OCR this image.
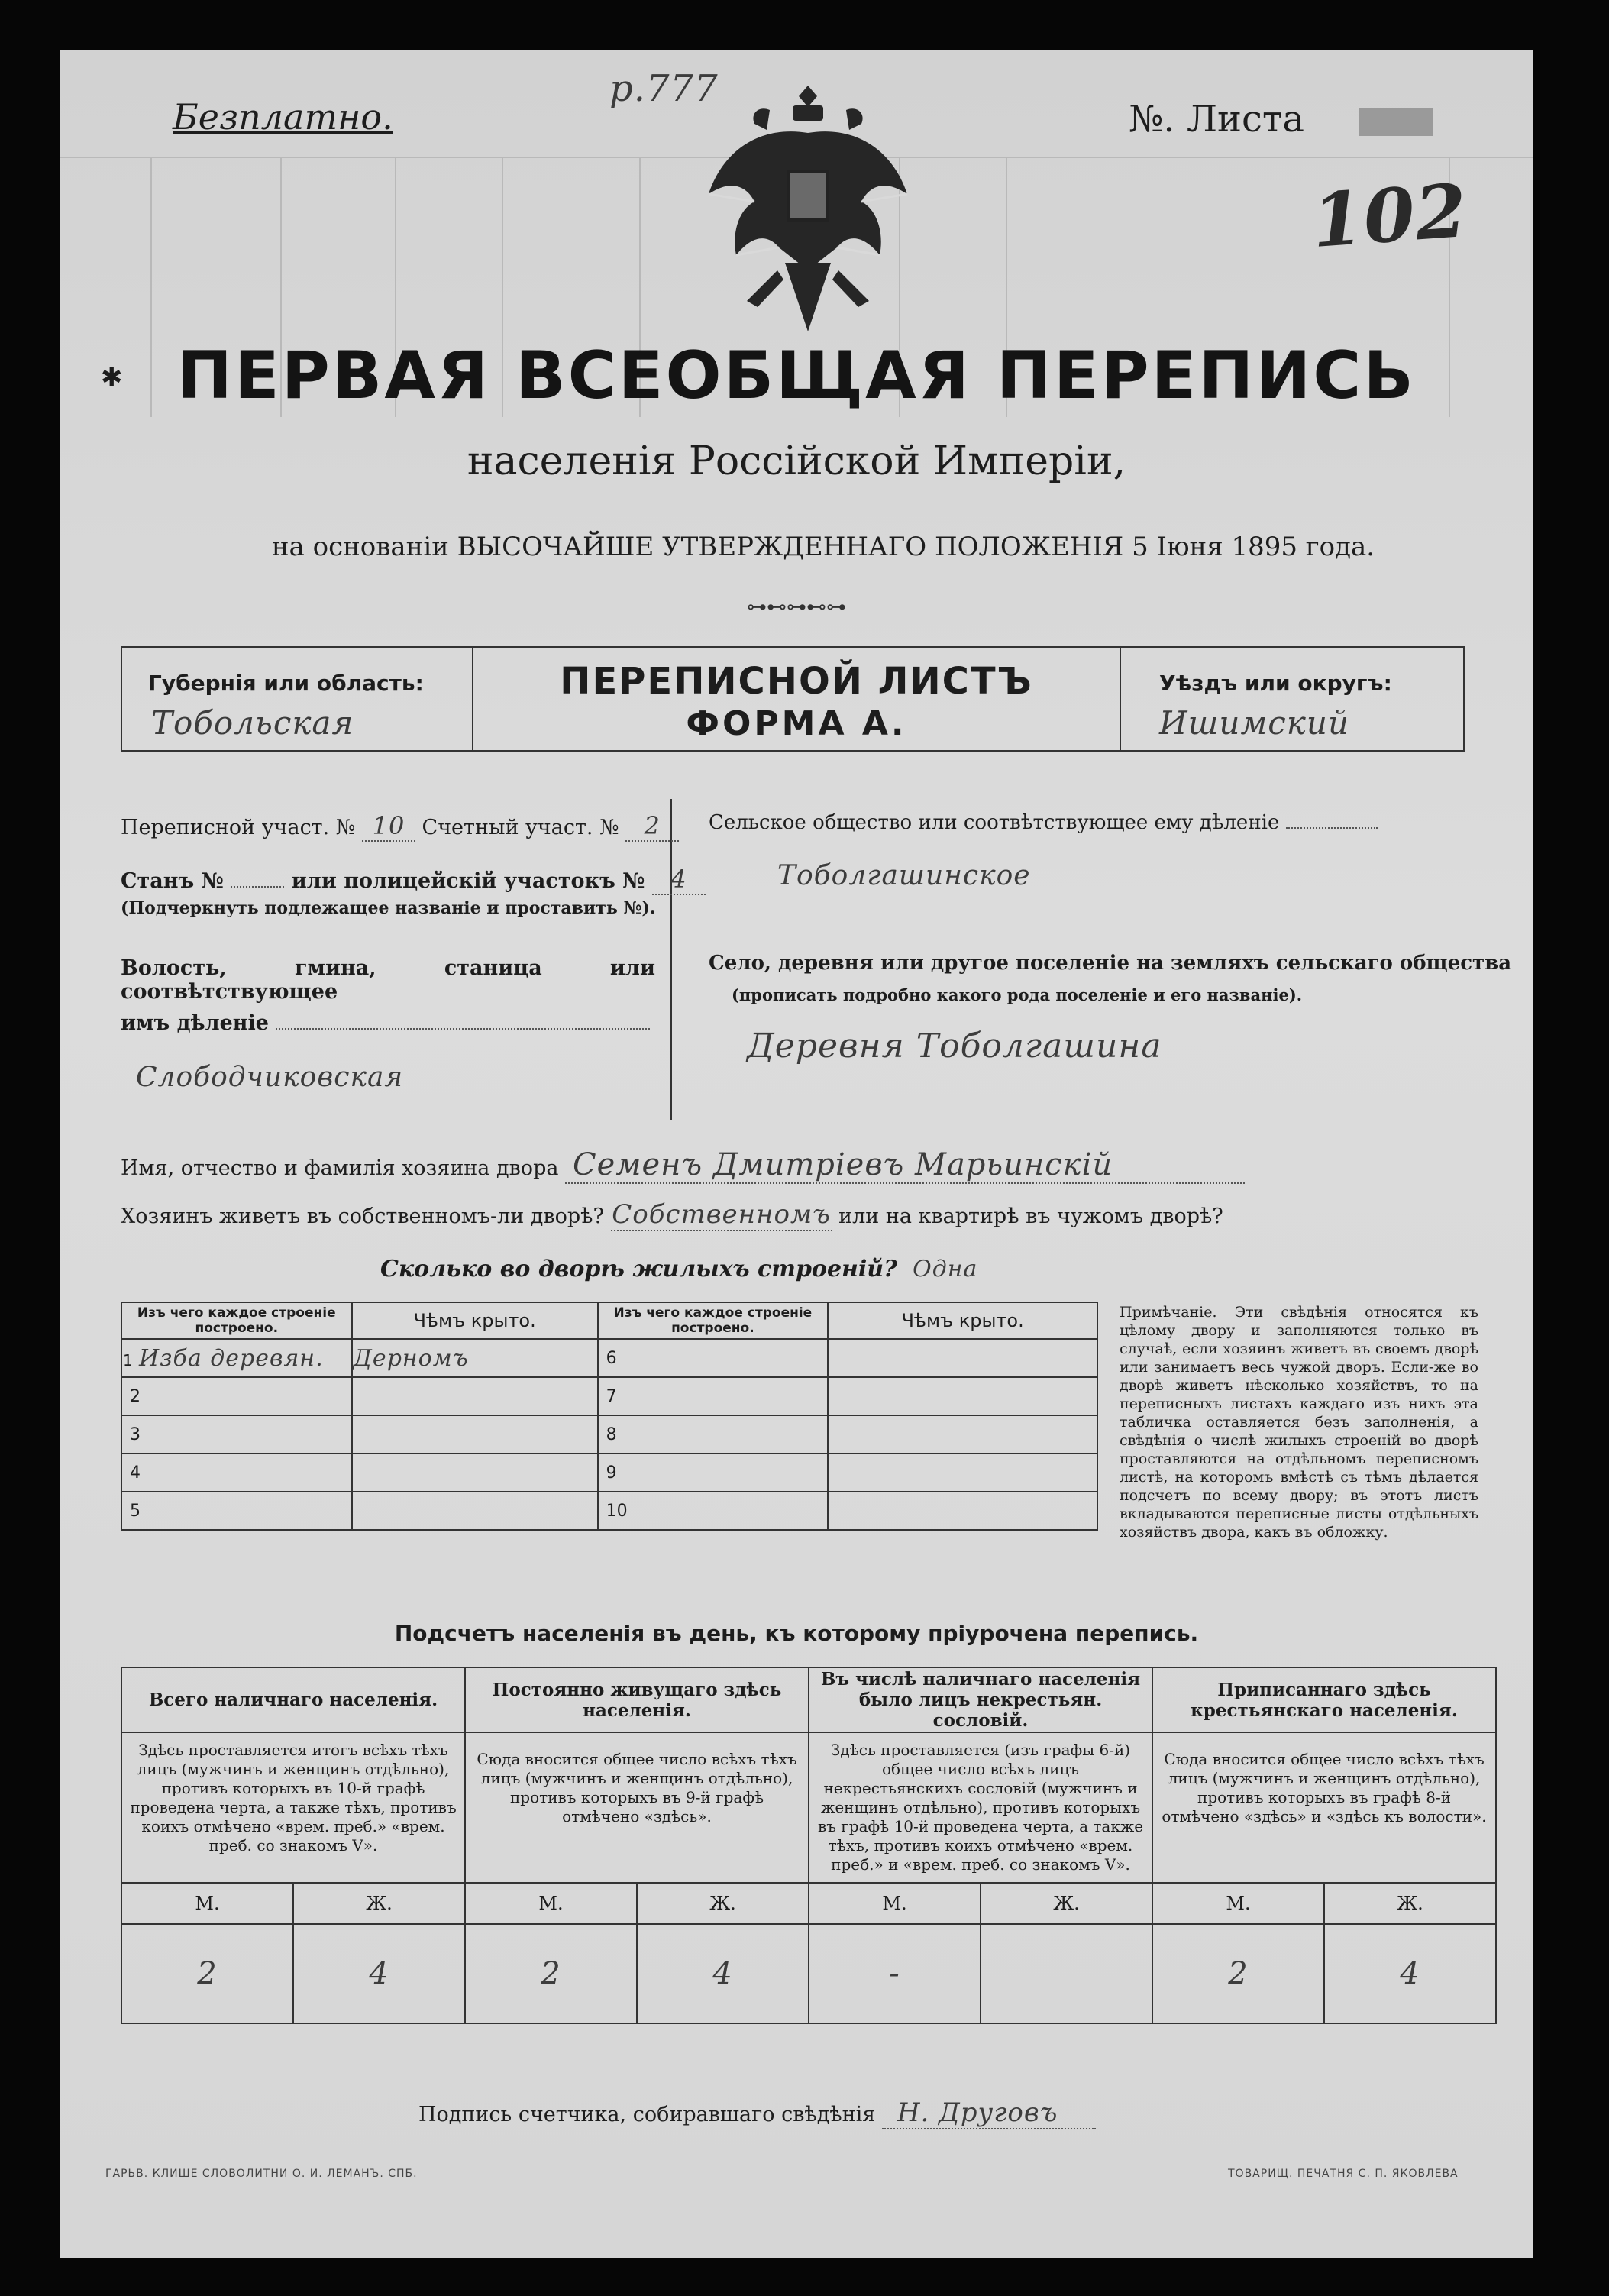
Безплатно.
р.777
№. Листа
102
✱ ПЕРВАЯ ВСЕОБЩАЯ ПЕРЕПИСЬ
населенія Россійской Имперіи,
на основаніи ВЫСОЧАЙШЕ УТВЕРЖДЕННАГО ПОЛОЖЕНІЯ 5 Іюня 1895 года.
⊶⊷⊶⊷⊶
Губернія или область:
Тобольская
ПЕРЕПИСНОЙ ЛИСТЪ
ФОРМА А.
Уѣздъ или округъ:
Ишимский
Переписной участ. № 10 Счетный участ. № 2
Станъ №	или полицейскій участокъ № 4
(Подчеркнуть подлежащее названіе и проставить №).
Волость, гмина, станица или соотвѣтствующее
имъ дѣленіе
Слободчиковская
Сельское общество или соотвѣтствующее ему дѣленіе
Тоболгашинское
Село, деревня или другое поселеніе на земляхъ сельскаго общества
(прописать подробно какого рода поселеніе и его названіе).
Деревня Тоболгашина
Имя, отчество и фамилія хозяина двора Семенъ Дмитріевъ Марьинскій
Хозяинъ живетъ въ собственномъ-ли дворѣ? Собственномъ или на квартирѣ въ чужомъ дворѣ?
Сколько во дворѣ жилыхъ строеній? Одна
Изъ чего каждое строеніе построено.	Чѣмъ крыто.	Изъ чего каждое строеніе построено.	Чѣмъ крыто.
1 Изба деревян.	Дерномъ	6	
2		7	
3		8	
4		9	
5		10	
Примѣчаніе. Эти свѣдѣнія относятся къ цѣлому двору и заполняются только въ случаѣ, если хозяинъ живетъ въ своемъ дворѣ или занимаетъ весь чужой дворъ. Если-же во дворѣ живетъ нѣсколько хозяйствъ, то на переписныхъ листахъ каждаго изъ нихъ эта табличка оставляется безъ заполненія, а свѣдѣнія о числѣ жилыхъ строеній во дворѣ проставляются на отдѣльномъ переписномъ листѣ, на которомъ вмѣстѣ съ тѣмъ дѣлается подсчетъ по всему двору; въ этотъ листъ вкладываются переписные листы отдѣльныхъ хозяйствъ двора, какъ въ обложку.
Подсчетъ населенія въ день, къ которому пріурочена перепись.
Всего наличнаго населенія.		Постоянно живущаго здѣсь населенія.		Въ числѣ наличнаго населенія было лицъ некрестьян. сословій.		Приписаннаго здѣсь крестьянскаго населенія.	
Здѣсь проставляется итогъ всѣхъ тѣхъ лицъ (мужчинъ и женщинъ отдѣльно), противъ которыхъ въ 10-й графѣ проведена черта, а также тѣхъ, противъ коихъ отмѣчено «врем. преб.» «врем. преб. со знакомъ V».		Сюда вносится общее число всѣхъ тѣхъ лицъ (мужчинъ и женщинъ отдѣльно), противъ которыхъ въ 9-й графѣ отмѣчено «здѣсь».		Здѣсь проставляется (изъ графы 6-й) общее число всѣхъ лицъ некрестьянскихъ сословій (мужчинъ и женщинъ отдѣльно), противъ которыхъ въ графѣ 10-й проведена черта, а также тѣхъ, противъ коихъ отмѣчено «врем. преб.» и «врем. преб. со знакомъ V».		Сюда вносится общее число всѣхъ тѣхъ лицъ (мужчинъ и женщинъ отдѣльно), противъ которыхъ въ графѣ 8-й отмѣчено «здѣсь» и «здѣсь къ волости».	
М.	Ж.	М.	Ж.	М.	Ж.	М.	Ж.
2	4	2	4	-		2	4
Подпись счетчика, собиравшаго свѣдѣнія Н. Друговъ
ГАРЬВ. КЛИШЕ СЛОВОЛИТНИ О. И. ЛЕМАНЪ. СПБ.	ТОВАРИЩ. ПЕЧАТНЯ С. П. ЯКОВЛЕВА
